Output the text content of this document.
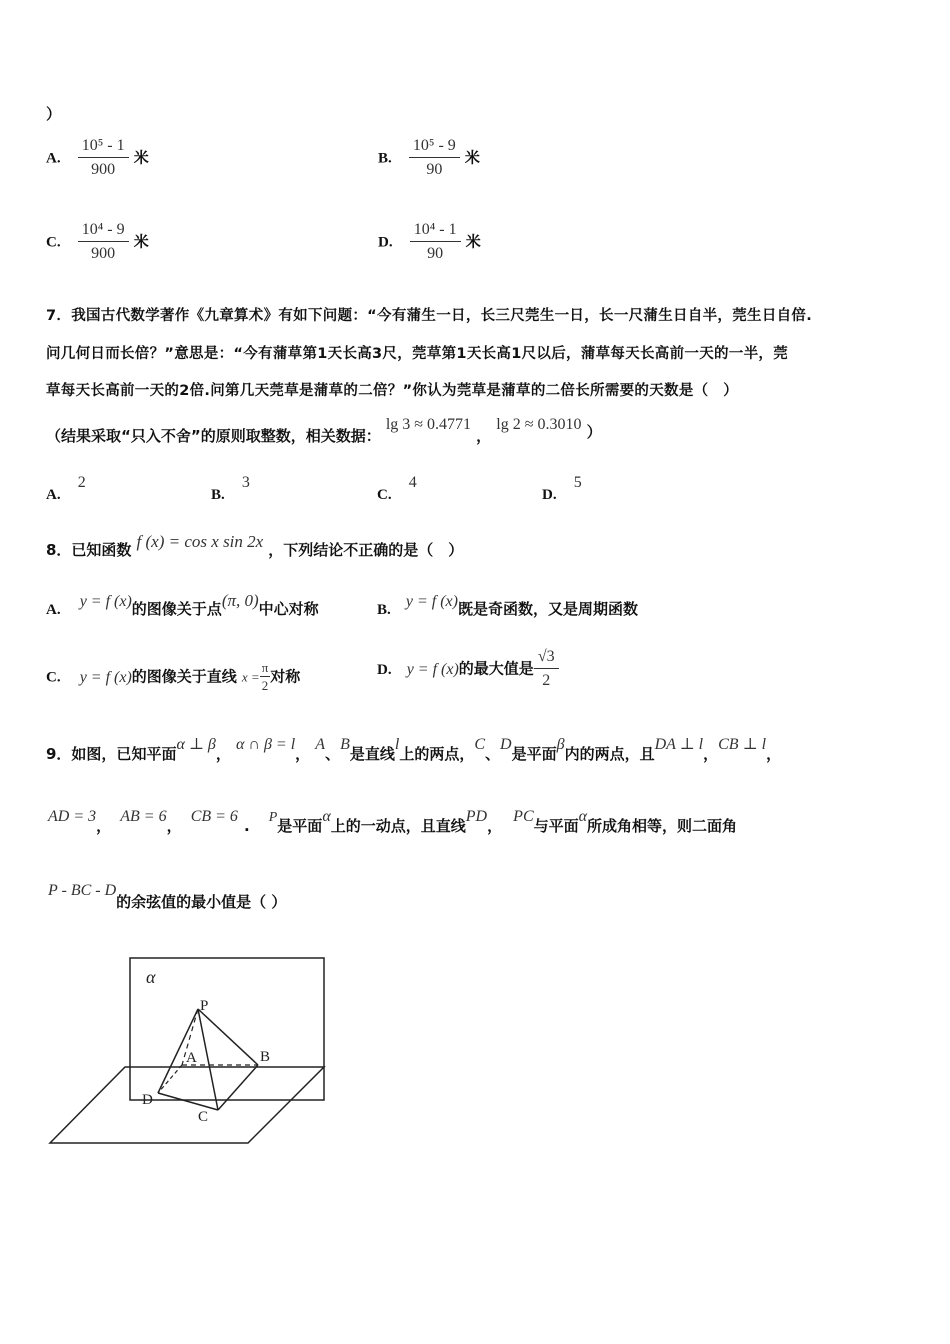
）
A. $\frac{\text{10⁵ - 1}}{900}$ 米	B. $\frac{\text{10⁵ - 9}}{90}$ 米
C. $\frac{\text{10⁴ - 9}}{900}$ 米	D. $\frac{\text{10⁴ - 1}}{90}$ 米
7．我国古代数学著作《九章算术》有如下问题：“今有蒲生一日，长三尺莞生一日，长一尺蒲生日自半，莞生日自倍.
问几何日而长倍？”意思是：“今有蒲草第1天长高3尺，莞草第1天长高1尺以后，蒲草每天长高前一天的一半，莞
草每天长高前一天的2倍.问第几天莞草是蒲草的二倍？”你认为莞草是蒲草的二倍长所需要的天数是（　）
（结果采取“只入不舍”的原则取整数，相关数据： lg 3 ≈ 0.4771 ， lg 2 ≈ 0.3010 ）
A. 2
B. 3
C. 4
D. 5
8．已知函数 f (x) = cos x sin 2x ，下列结论不正确的是（　）
A. y = f (x)的图像关于点(π, 0)中心对称	B. y = f (x)既是奇函数，又是周期函数
C. y = f (x)的图像关于直线 $x = \frac{\pi}{2}$ 对称	D. y = f (x)的最大值是 $\frac{√3}{2}$
9．如图，已知平面α ⊥ β， α ∩ β = l， A、B是直线l上的两点，C、D是平面β内的两点，且DA ⊥ l，CB ⊥ l，
AD = 3， AB = 6， CB = 6. P是平面α上的一动点，且直线PD， PC与平面α所成角相等，则二面角
P - BC - D的余弦值的最小值是（ ）
α
P
A	B
C
D
